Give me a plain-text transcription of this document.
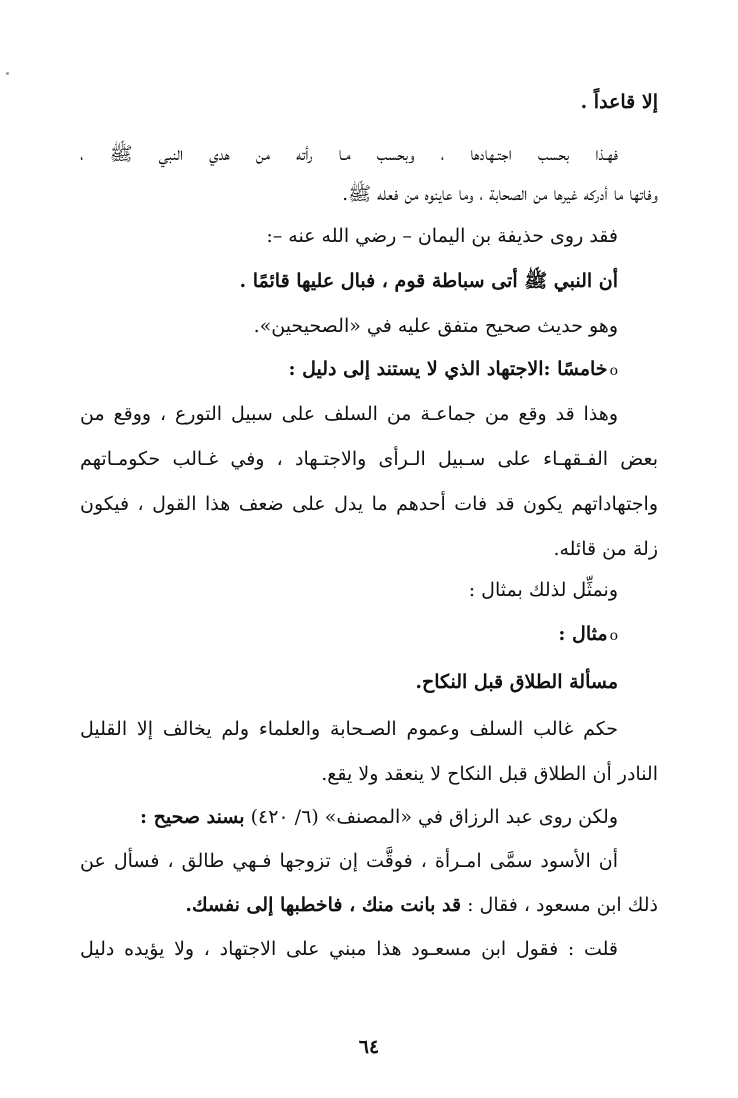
إلا قاعداً .
فهـذا بحسب اجتـهادها ، وبحسب مـا رأته من هدي النبي ﷺ ،
وفاتها ما أدركه غيرها من الصحابة ، وما عاينوه من فعله ﷺ.
فقد روى حذيفة بن اليمان – رضي الله عنه –:
أن النبي ﷺ أتى سباطة قوم ، فبال عليها قائمًا .
وهو حديث صحيح متفق عليه في «الصحيحين».
oخامسًا :الاجتهاد الذي لا يستند إلى دليل :
وهذا قد وقع من جماعـة من السلف على سبيل التورع ، ووقع من
بعض الفـقهـاء على سـبيل الـرأى والاجتـهاد ، وفي غـالب حكومـاتهم
واجتهاداتهم يكون قد فات أحدهم ما يدل على ضعف هذا القول ، فيكون
زلة من قائله.
ونمثِّل لذلك بمثال :
oمثال :
مسألة الطلاق قبل النكاح.
حكم غالب السلف وعموم الصـحابة والعلماء ولم يخالف إلا القليل
النادر أن الطلاق قبل النكاح لا ينعقد ولا يقع.
ولكن روى عبد الرزاق في «المصنف» (٦/ ٤٢٠) بسند صحيح :
أن الأسود سمَّى امـرأة ، فوقَّت إن تزوجها فـهي طالق ، فسأل عن
ذلك ابن مسعود ، فقال : قد بانت منك ، فاخطبها إلى نفسك.
قلت : فقول ابن مسعـود هذا مبني على الاجتهاد ، ولا يؤيده دليل
٦٤
